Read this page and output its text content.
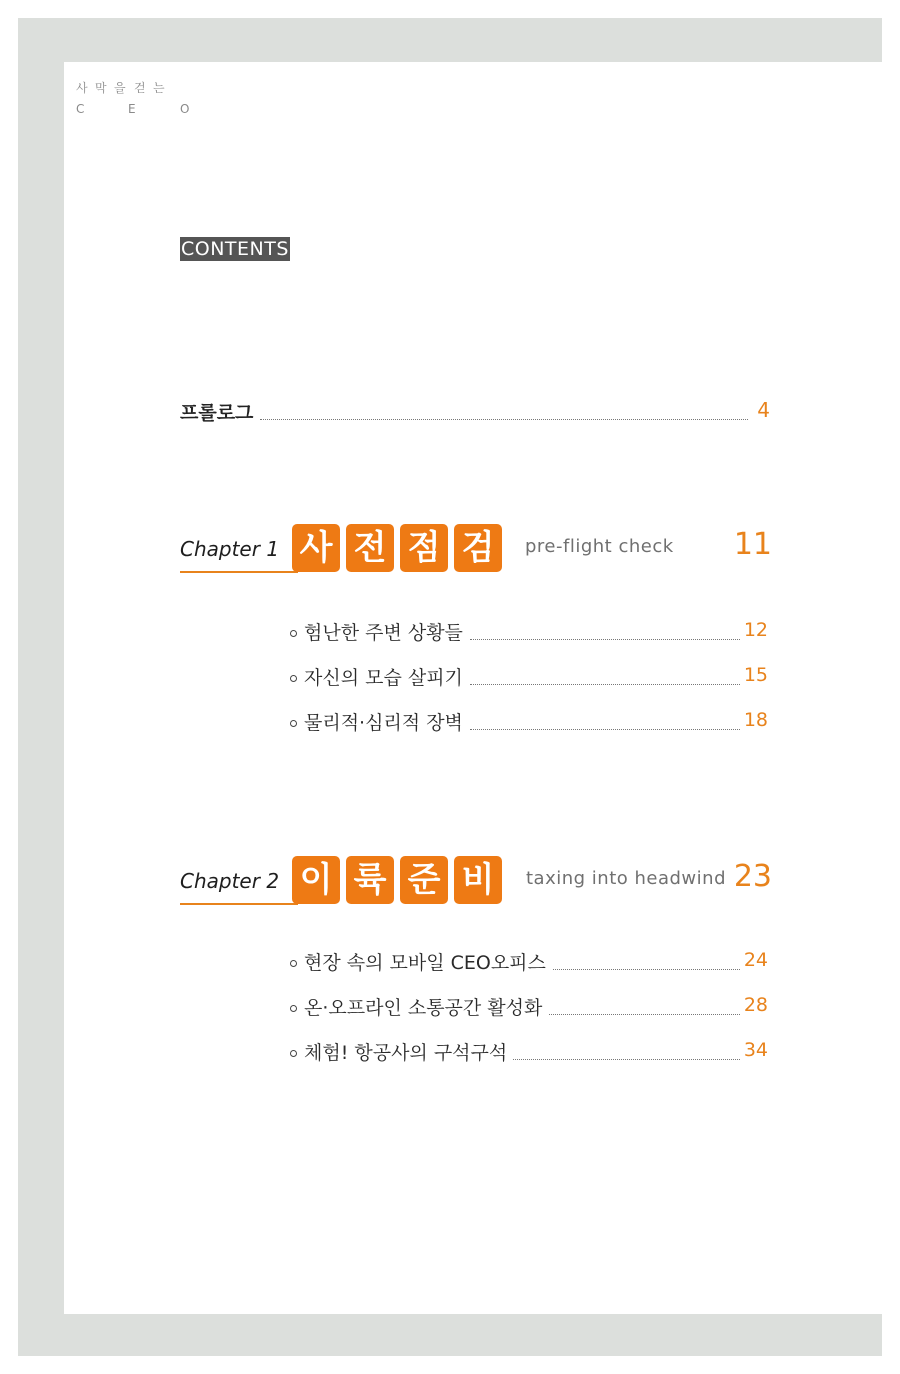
사 막 을 걷 는
C	E	O
CONTENTS
프롤로그	4
Chapter 1 사 전 점 검	pre-flight check 11
험난한 주변 상황들	12
자신의 모습 살피기	15
물리적·심리적 장벽	18
Chapter 2 이 륙 준 비	taxing into headwind 23
현장 속의 모바일 CEO오피스	24
온·오프라인 소통공간 활성화	28
체험! 항공사의 구석구석	34
